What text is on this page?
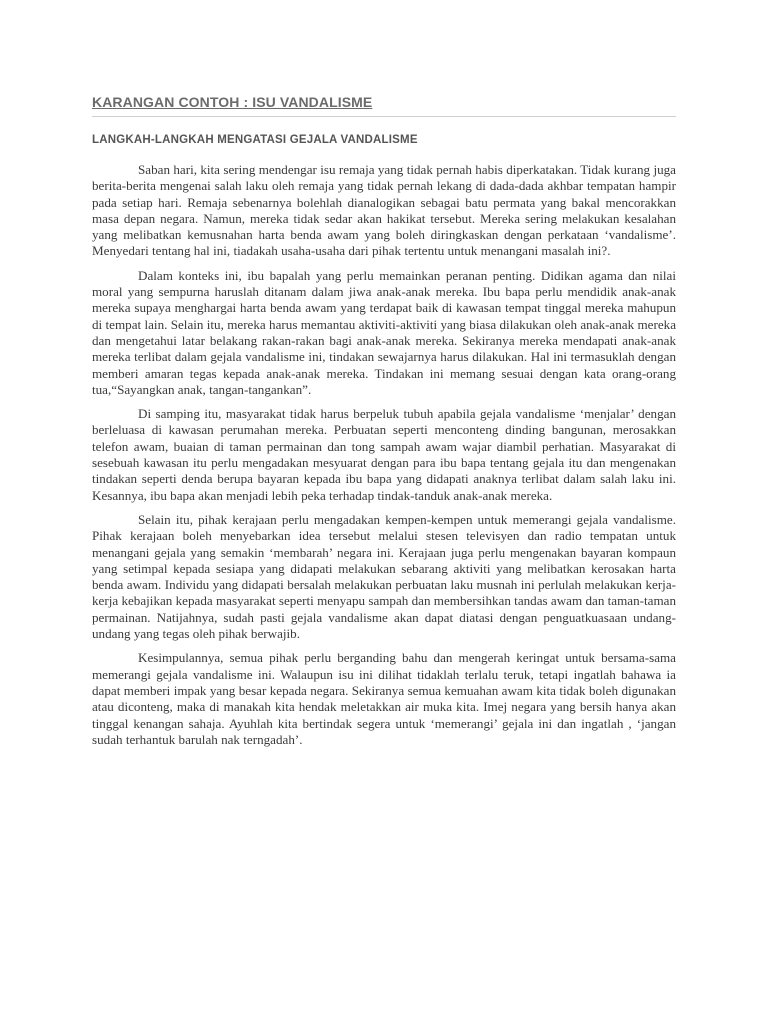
KARANGAN CONTOH : ISU VANDALISME
LANGKAH-LANGKAH MENGATASI GEJALA VANDALISME

Saban hari, kita sering mendengar isu remaja yang tidak pernah habis diperkatakan. Tidak kurang juga berita-berita mengenai salah laku oleh remaja yang tidak pernah lekang di dada-dada akhbar tempatan hampir pada setiap hari. Remaja sebenarnya bolehlah dianalogikan sebagai batu permata yang bakal mencorakkan masa depan negara. Namun, mereka tidak sedar akan hakikat tersebut. Mereka sering melakukan kesalahan yang melibatkan kemusnahan harta benda awam yang boleh diringkaskan dengan perkataan ‘vandalisme’. Menyedari tentang hal ini, tiadakah usaha-usaha dari pihak tertentu untuk menangani masalah ini?.

Dalam konteks ini, ibu bapalah yang perlu memainkan peranan penting. Didikan agama dan nilai moral yang sempurna haruslah ditanam dalam jiwa anak-anak mereka. Ibu bapa perlu mendidik anak-anak mereka supaya menghargai harta benda awam yang terdapat baik di kawasan tempat tinggal mereka mahupun di tempat lain. Selain itu, mereka harus memantau aktiviti-aktiviti yang biasa dilakukan oleh anak-anak mereka dan mengetahui latar belakang rakan-rakan bagi anak-anak mereka. Sekiranya mereka mendapati anak-anak mereka terlibat dalam gejala vandalisme ini, tindakan sewajarnya harus dilakukan. Hal ini termasuklah dengan memberi amaran tegas kepada anak-anak mereka. Tindakan ini memang sesuai dengan kata orang-orang tua,“Sayangkan anak, tangan-tangankan”.

Di samping itu, masyarakat tidak harus berpeluk tubuh apabila gejala vandalisme ‘menjalar’ dengan berleluasa di kawasan perumahan mereka. Perbuatan seperti menconteng dinding bangunan, merosakkan telefon awam, buaian di taman permainan dan tong sampah awam wajar diambil perhatian. Masyarakat di sesebuah kawasan itu perlu mengadakan mesyuarat dengan para ibu bapa tentang gejala itu dan mengenakan tindakan seperti denda berupa bayaran kepada ibu bapa yang didapati anaknya terlibat dalam salah laku ini. Kesannya, ibu bapa akan menjadi lebih peka terhadap tindak-tanduk anak-anak mereka.

Selain itu, pihak kerajaan perlu mengadakan kempen-kempen untuk memerangi gejala vandalisme. Pihak kerajaan boleh menyebarkan idea tersebut melalui stesen televisyen dan radio tempatan untuk menangani gejala yang semakin ‘membarah’ negara ini. Kerajaan juga perlu mengenakan bayaran kompaun yang setimpal kepada sesiapa yang didapati melakukan sebarang aktiviti yang melibatkan kerosakan harta benda awam. Individu yang didapati bersalah melakukan perbuatan laku musnah ini perlulah melakukan kerja-kerja kebajikan kepada masyarakat seperti menyapu sampah dan membersihkan tandas awam dan taman-taman permainan. Natijahnya, sudah pasti gejala vandalisme akan dapat diatasi dengan penguatkuasaan undang-undang yang tegas oleh pihak berwajib.

Kesimpulannya, semua pihak perlu berganding bahu dan mengerah keringat untuk bersama-sama memerangi gejala vandalisme ini. Walaupun isu ini dilihat tidaklah terlalu teruk, tetapi ingatlah bahawa ia dapat memberi impak yang besar kepada negara. Sekiranya semua kemuahan awam kita tidak boleh digunakan atau diconteng, maka di manakah kita hendak meletakkan air muka kita. Imej negara yang bersih hanya akan tinggal kenangan sahaja. Ayuhlah kita bertindak segera untuk ‘memerangi’ gejala ini dan ingatlah , ‘jangan sudah terhantuk barulah nak terngadah’.
